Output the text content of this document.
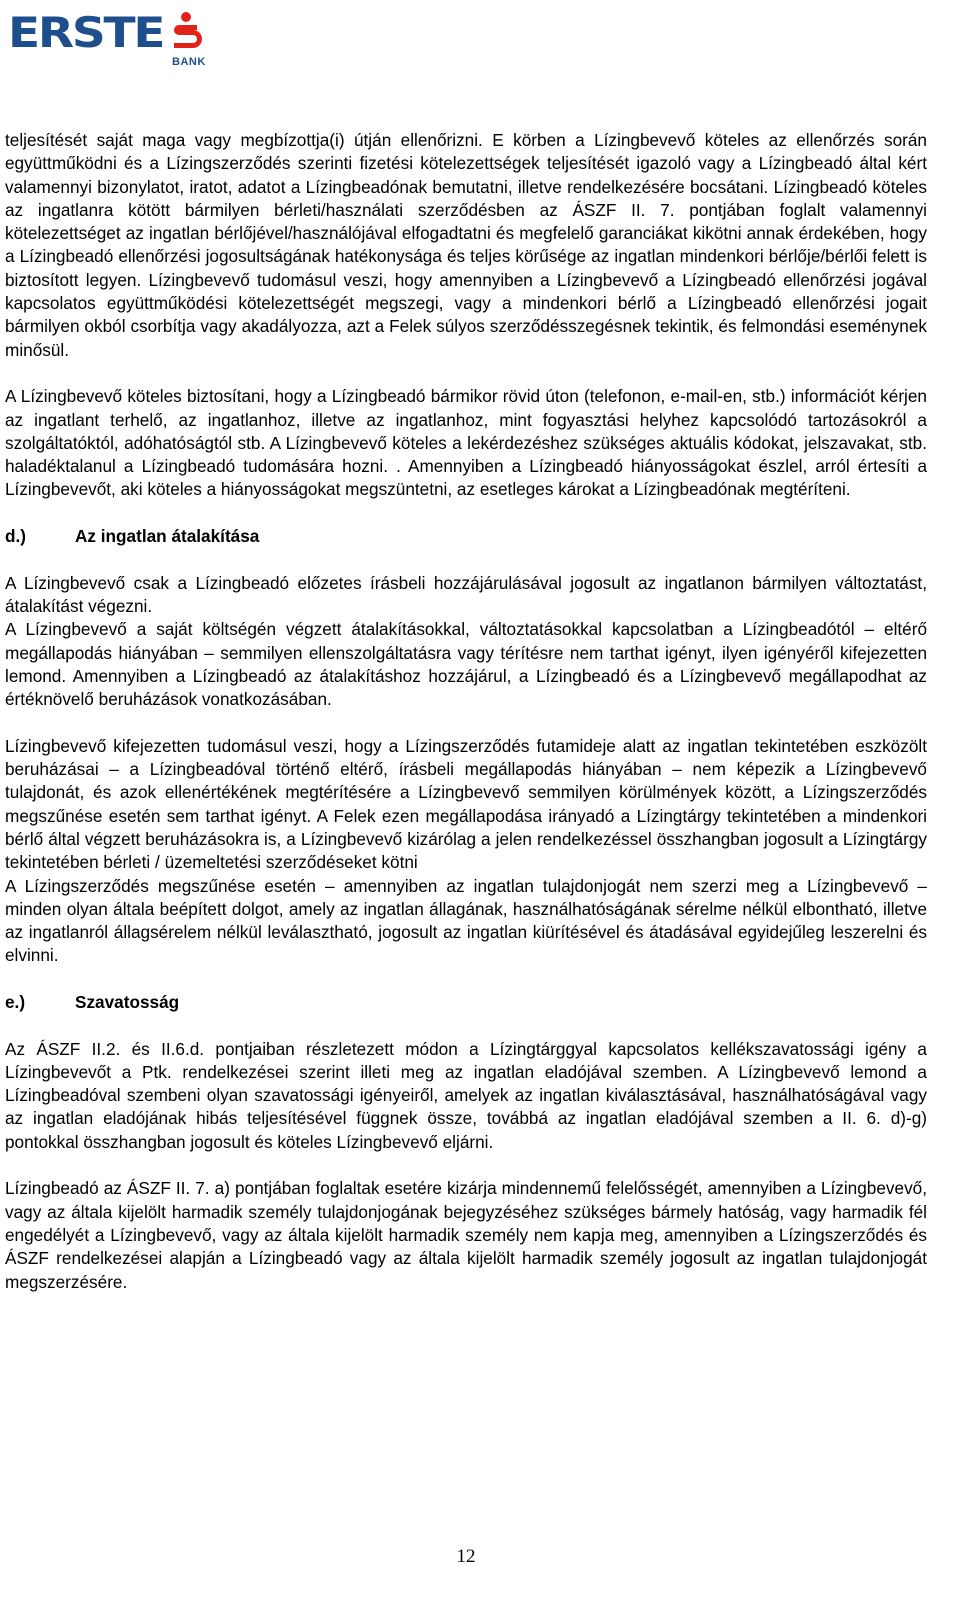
ERSTE
BANK

teljesítését saját maga vagy megbízottja(i) útján ellenőrizni. E körben a Lízingbevevő köteles az ellenőrzés során együttműködni és a Lízingszerződés szerinti fizetési kötelezettségek teljesítését igazoló vagy a Lízingbeadó által kért valamennyi bizonylatot, iratot, adatot a Lízingbeadónak bemutatni, illetve rendelkezésére bocsátani. Lízingbeadó köteles az ingatlanra kötött bármilyen bérleti/használati szerződésben az ÁSZF II. 7. pontjában foglalt valamennyi kötelezettséget az ingatlan bérlőjével/használójával elfogadtatni és megfelelő garanciákat kikötni annak érdekében, hogy a Lízingbeadó ellenőrzési jogosultságának hatékonysága és teljes körűsége az ingatlan mindenkori bérlője/bérlői felett is biztosított legyen. Lízingbevevő tudomásul veszi, hogy amennyiben a Lízingbevevő a Lízingbeadó ellenőrzési jogával kapcsolatos együttműködési kötelezettségét megszegi, vagy a mindenkori bérlő a Lízingbeadó ellenőrzési jogait bármilyen okból csorbítja vagy akadályozza, azt a Felek súlyos szerződésszegésnek tekintik, és felmondási eseménynek minősül.

A Lízingbevevő köteles biztosítani, hogy a Lízingbeadó bármikor rövid úton (telefonon, e-mail-en, stb.) információt kérjen az ingatlant terhelő, az ingatlanhoz, illetve az ingatlanhoz, mint fogyasztási helyhez kapcsolódó tartozásokról a szolgáltatóktól, adóhatóságtól stb. A Lízingbevevő köteles a lekérdezéshez szükséges aktuális kódokat, jelszavakat, stb. haladéktalanul a Lízingbeadó tudomására hozni. . Amennyiben a Lízingbeadó hiányosságokat észlel, arról értesíti a Lízingbevevőt, aki köteles a hiányosságokat megszüntetni, az esetleges károkat a Lízingbeadónak megtéríteni.

d.)	Az ingatlan átalakítása

A Lízingbevevő csak a Lízingbeadó előzetes írásbeli hozzájárulásával jogosult az ingatlanon bármilyen változtatást, átalakítást végezni.

A Lízingbevevő a saját költségén végzett átalakításokkal, változtatásokkal kapcsolatban a Lízingbeadótól – eltérő megállapodás hiányában – semmilyen ellenszolgáltatásra vagy térítésre nem tarthat igényt, ilyen igényéről kifejezetten lemond. Amennyiben a Lízingbeadó az átalakításhoz hozzájárul, a Lízingbeadó és a Lízingbevevő megállapodhat az értéknövelő beruházások vonatkozásában.

Lízingbevevő kifejezetten tudomásul veszi, hogy a Lízingszerződés futamideje alatt az ingatlan tekintetében eszközölt beruházásai – a Lízingbeadóval történő eltérő, írásbeli megállapodás hiányában – nem képezik a Lízingbevevő tulajdonát, és azok ellenértékének megtérítésére a Lízingbevevő semmilyen körülmények között, a Lízingszerződés megszűnése esetén sem tarthat igényt. A Felek ezen megállapodása irányadó a Lízingtárgy tekintetében a mindenkori bérlő által végzett beruházásokra is, a Lízingbevevő kizárólag a jelen rendelkezéssel összhangban jogosult a Lízingtárgy tekintetében bérleti / üzemeltetési szerződéseket kötni

A Lízingszerződés megszűnése esetén – amennyiben az ingatlan tulajdonjogát nem szerzi meg a Lízingbevevő – minden olyan általa beépített dolgot, amely az ingatlan állagának, használhatóságának sérelme nélkül elbontható, illetve az ingatlanról állagsérelem nélkül leválasztható, jogosult az ingatlan kiürítésével és átadásával egyidejűleg leszerelni és elvinni.

e.)	Szavatosság

Az ÁSZF II.2. és II.6.d. pontjaiban részletezett módon a Lízingtárggyal kapcsolatos kellékszavatossági igény a Lízingbevevőt a Ptk. rendelkezései szerint illeti meg az ingatlan eladójával szemben. A Lízingbevevő lemond a Lízingbeadóval szembeni olyan szavatossági igényeiről, amelyek az ingatlan kiválasztásával, használhatóságával vagy az ingatlan eladójának hibás teljesítésével függnek össze, továbbá az ingatlan eladójával szemben a II. 6. d)-g) pontokkal összhangban jogosult és köteles Lízingbevevő eljárni.

Lízingbeadó az ÁSZF II. 7. a) pontjában foglaltak esetére kizárja mindennemű felelősségét, amennyiben a Lízingbevevő, vagy az általa kijelölt harmadik személy tulajdonjogának bejegyzéséhez szükséges bármely hatóság, vagy harmadik fél engedélyét a Lízingbevevő, vagy az általa kijelölt harmadik személy nem kapja meg, amennyiben a Lízingszerződés és ÁSZF rendelkezései alapján a Lízingbeadó vagy az általa kijelölt harmadik személy jogosult az ingatlan tulajdonjogát megszerzésére.

12
